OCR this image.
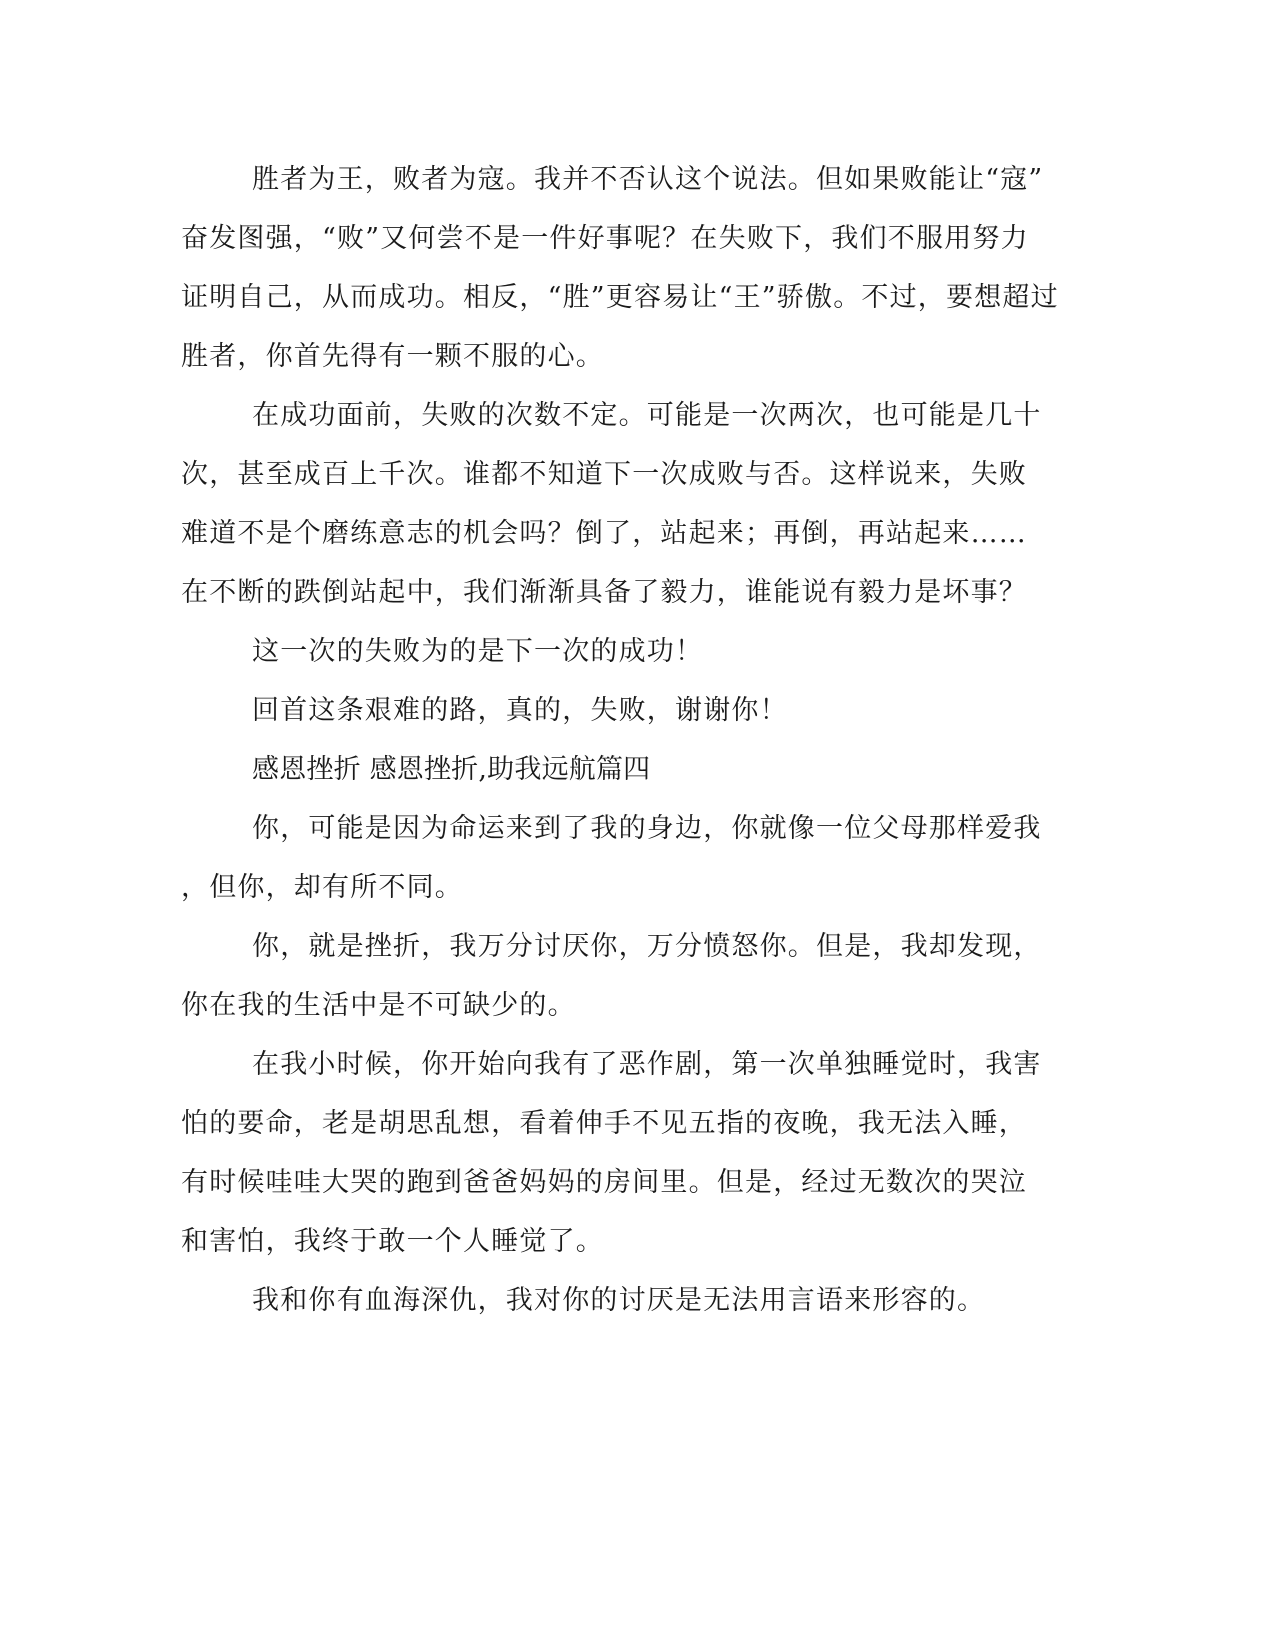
胜者为王，败者为寇。我并不否认这个说法。但如果败能让“寇”
奋发图强，“败”又何尝不是一件好事呢？在失败下，我们不服用努力
证明自己，从而成功。相反，“胜”更容易让“王”骄傲。不过，要想超过
胜者，你首先得有一颗不服的心。
在成功面前，失败的次数不定。可能是一次两次，也可能是几十
次，甚至成百上千次。谁都不知道下一次成败与否。这样说来，失败
难道不是个磨练意志的机会吗？倒了，站起来；再倒，再站起来……
在不断的跌倒站起中，我们渐渐具备了毅力，谁能说有毅力是坏事？
这一次的失败为的是下一次的成功！
回首这条艰难的路，真的，失败，谢谢你！
感恩挫折 感恩挫折,助我远航篇四
你，可能是因为命运来到了我的身边，你就像一位父母那样爱我
，但你，却有所不同。
你，就是挫折，我万分讨厌你，万分愤怒你。但是，我却发现，
你在我的生活中是不可缺少的。
在我小时候，你开始向我有了恶作剧，第一次单独睡觉时，我害
怕的要命，老是胡思乱想，看着伸手不见五指的夜晚，我无法入睡，
有时候哇哇大哭的跑到爸爸妈妈的房间里。但是，经过无数次的哭泣
和害怕，我终于敢一个人睡觉了。
我和你有血海深仇，我对你的讨厌是无法用言语来形容的。
